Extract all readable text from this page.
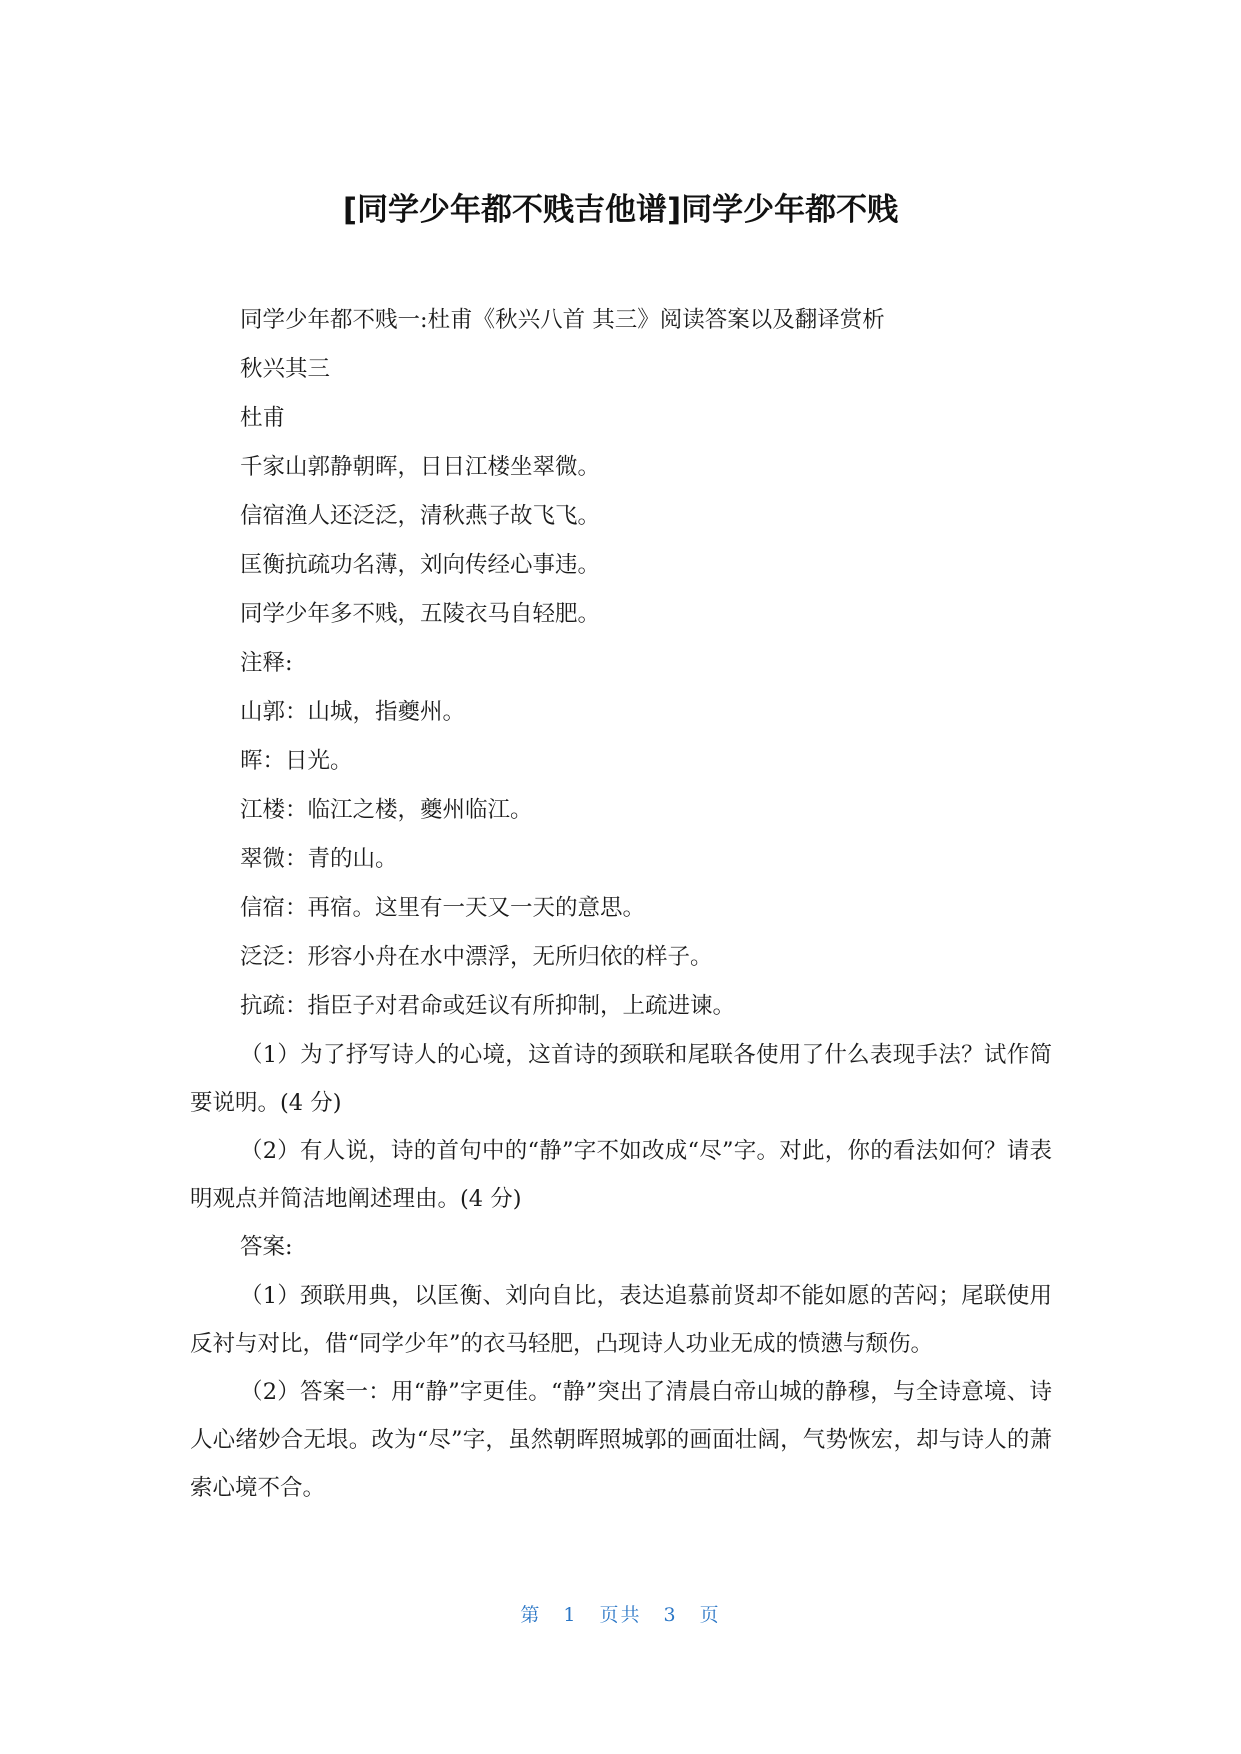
[同学少年都不贱吉他谱]同学少年都不贱

同学少年都不贱一:杜甫《秋兴八首 其三》阅读答案以及翻译赏析

秋兴其三

杜甫

千家山郭静朝晖，日日江楼坐翠微。

信宿渔人还泛泛，清秋燕子故飞飞。

匡衡抗疏功名薄，刘向传经心事违。

同学少年多不贱，五陵衣马自轻肥。

注释:

山郭：山城，指夔州。

晖：日光。

江楼：临江之楼，夔州临江。

翠微：青的山。

信宿：再宿。这里有一天又一天的意思。

泛泛：形容小舟在水中漂浮，无所归依的样子。

抗疏：指臣子对君命或廷议有所抑制，上疏进谏。

（1）为了抒写诗人的心境，这首诗的颈联和尾联各使用了什么表现手法？试作简要说明。(4 分)

（2）有人说，诗的首句中的“静”字不如改成“尽”字。对此，你的看法如何？请表明观点并简洁地阐述理由。(4 分)

答案:

（1）颈联用典，以匡衡、刘向自比，表达追慕前贤却不能如愿的苦闷；尾联使用反衬与对比，借“同学少年”的衣马轻肥，凸现诗人功业无成的愤懑与颓伤。

（2）答案一：用“静”字更佳。“静”突出了清晨白帝山城的静穆，与全诗意境、诗人心绪妙合无垠。改为“尽”字，虽然朝晖照城郭的画面壮阔，气势恢宏，却与诗人的萧索心境不合。

第 1 页共 3 页
